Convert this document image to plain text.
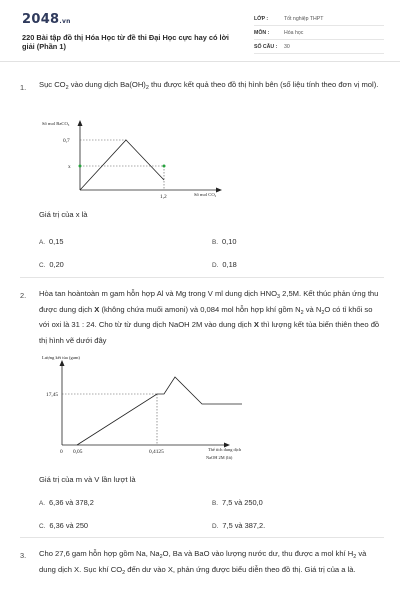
2048.vn
220 Bài tập đồ thị Hóa Học từ đề thi Đại Học cực hay có lời giải (Phần 1)
LỚP :	Tốt nghiệp THPT
MÔN :	Hóa học
SỐ CÂU : 30
1. Sục $CO_2$ vào dung dịch $Ba(OH)_2$ thu được kết quả theo đồ thị hình bên (số liệu tính theo đơn vị mol).
Số mol BaCO₃
Số mol CO₂
0,7
x
1,2
Giá trị của x là
A. 0,15	B. 0,10
C. 0,20	D. 0,18
2. Hòa tan hoàntoàn m gam hỗn hợp Al và Mg trong V ml dung dịch $HNO_3$ 2,5M. Kết thúc phản ứng thu được dung dịch X (không chứa muối amoni) và 0,084 mol hỗn hợp khí gồm $N_2$ và $N_2O$ có tỉ khối so với oxi là 31 : 24. Cho từ từ dung dịch NaOH 2M vào dung dịch X thì lượng kết tủa biến thiên theo đồ thị hình vẽ dưới đây
Lượng kết tủa (gam)
Thể tích dung dịch
NaOH 2M (lít)
17,45
0 0,05	0,4125
Giá trị của m và V lần lượt là
A. 6,36 và 378,2	B. 7,5 và 250,0
C. 6,36 và 250	D. 7,5 và 387,2.
3. Cho 27,6 gam hỗn hợp gồm Na, $Na_2O$, Ba và BaO vào lượng nước dư, thu được a mol khí $H_2$ và dung dịch X. Sục khí $CO_2$ đến dư vào X, phản ứng được biểu diễn theo đồ thị. Giá trị của a là.
